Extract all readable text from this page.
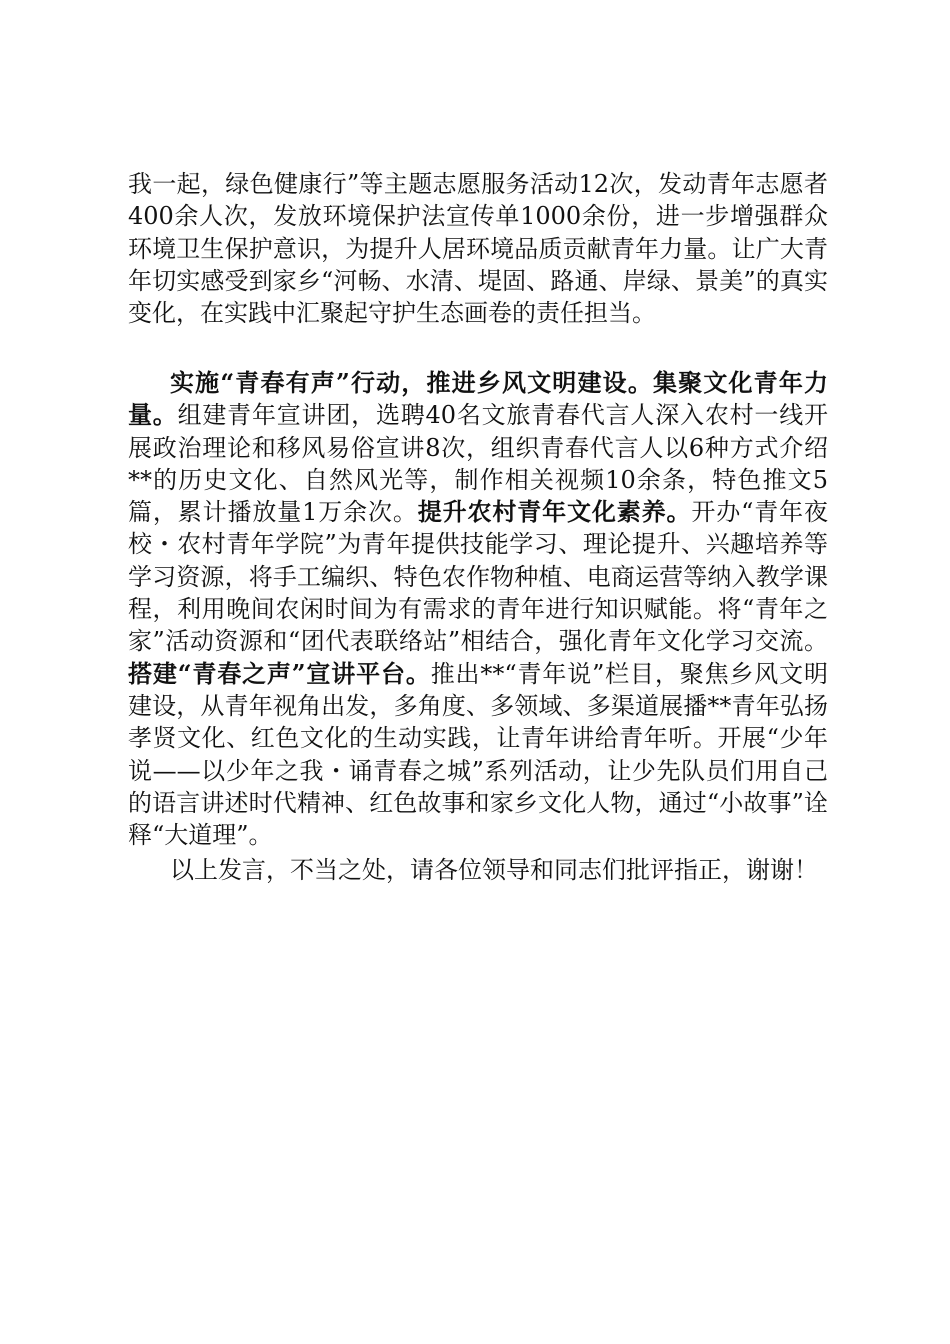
我一起，绿色健康行”等主题志愿服务活动12次，发动青年志愿者400余人次，发放环境保护法宣传单1000余份，进一步增强群众环境卫生保护意识，为提升人居环境品质贡献青年力量。让广大青年切实感受到家乡“河畅、水清、堤固、路通、岸绿、景美”的真实变化，在实践中汇聚起守护生态画卷的责任担当。

实施“青春有声”行动，推进乡风文明建设。集聚文化青年力量。组建青年宣讲团，选聘40名文旅青春代言人深入农村一线开展政治理论和移风易俗宣讲8次，组织青春代言人以6种方式介绍**的历史文化、自然风光等，制作相关视频10余条，特色推文5篇，累计播放量1万余次。提升农村青年文化素养。开办“青年夜校・农村青年学院”为青年提供技能学习、理论提升、兴趣培养等学习资源，将手工编织、特色农作物种植、电商运营等纳入教学课程，利用晚间农闲时间为有需求的青年进行知识赋能。将“青年之家”活动资源和“团代表联络站”相结合，强化青年文化学习交流。搭建“青春之声”宣讲平台。推出**“青年说”栏目，聚焦乡风文明建设，从青年视角出发，多角度、多领域、多渠道展播**青年弘扬孝贤文化、红色文化的生动实践，让青年讲给青年听。开展“少年说——以少年之我・诵青春之城”系列活动，让少先队员们用自己的语言讲述时代精神、红色故事和家乡文化人物，通过“小故事”诠释“大道理”。

以上发言，不当之处，请各位领导和同志们批评指正，谢谢！
